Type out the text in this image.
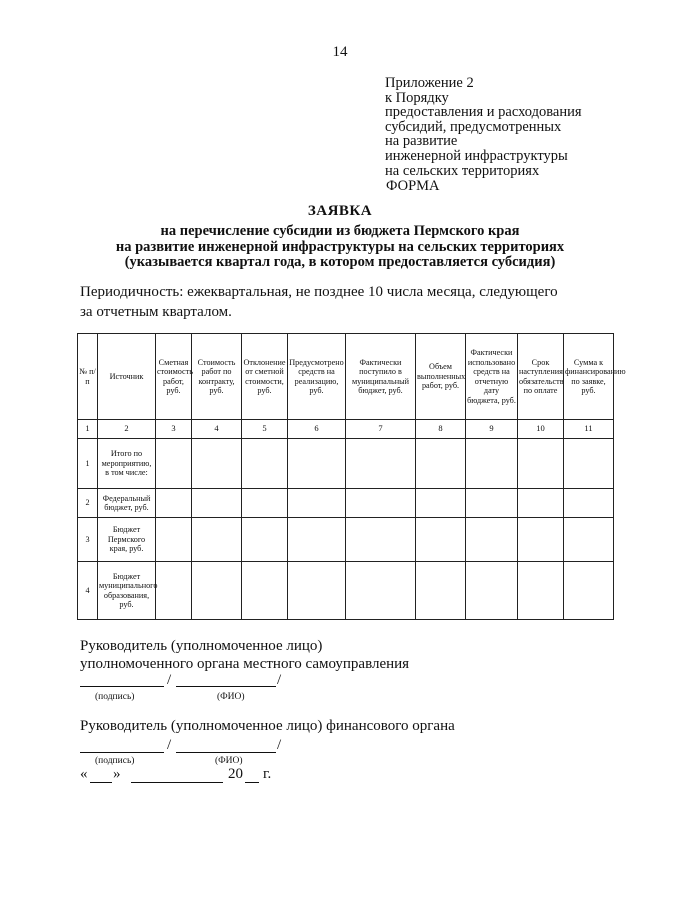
14
Приложение 2
к Порядку
предоставления и расходования
субсидий, предусмотренных
на развитие
инженерной инфраструктуры
на сельских территориях
ФОРМА
ЗАЯВКА
на перечисление субсидии из бюджета Пермского края
на развитие инженерной инфраструктуры на сельских территориях
(указывается квартал года, в котором предоставляется субсидия)
Периодичность: ежеквартальная, не позднее 10 числа месяца, следующего
за отчетным кварталом.
№ п/п	Источник	Сметная стоимость работ, руб.	Стоимость работ по контракту, руб.	Отклонение от сметной стоимости, руб.	Предусмотрено средств на реализацию, руб.	Фактически поступило в муниципальный бюджет, руб.	Объем выполненных работ, руб.	Фактически использовано средств на отчетную дату бюджета, руб.	Срок наступления обязательств по оплате	Сумма к финансированию по заявке, руб.
1	2	3	4	5	6	7	8	9	10	11
1	Итого по мероприятию, в том числе:									
2	Федеральный бюджет, руб.									
3	Бюджет Пермского края, руб.									
4	Бюджет муниципального образования, руб.									
Руководитель (уполномоченное лицо)
уполномоченного органа местного самоуправления
/	/
(подпись)	(ФИО)
Руководитель (уполномоченное лицо) финансового органа
/	/
(подпись)	(ФИО)
« »	20 г.
